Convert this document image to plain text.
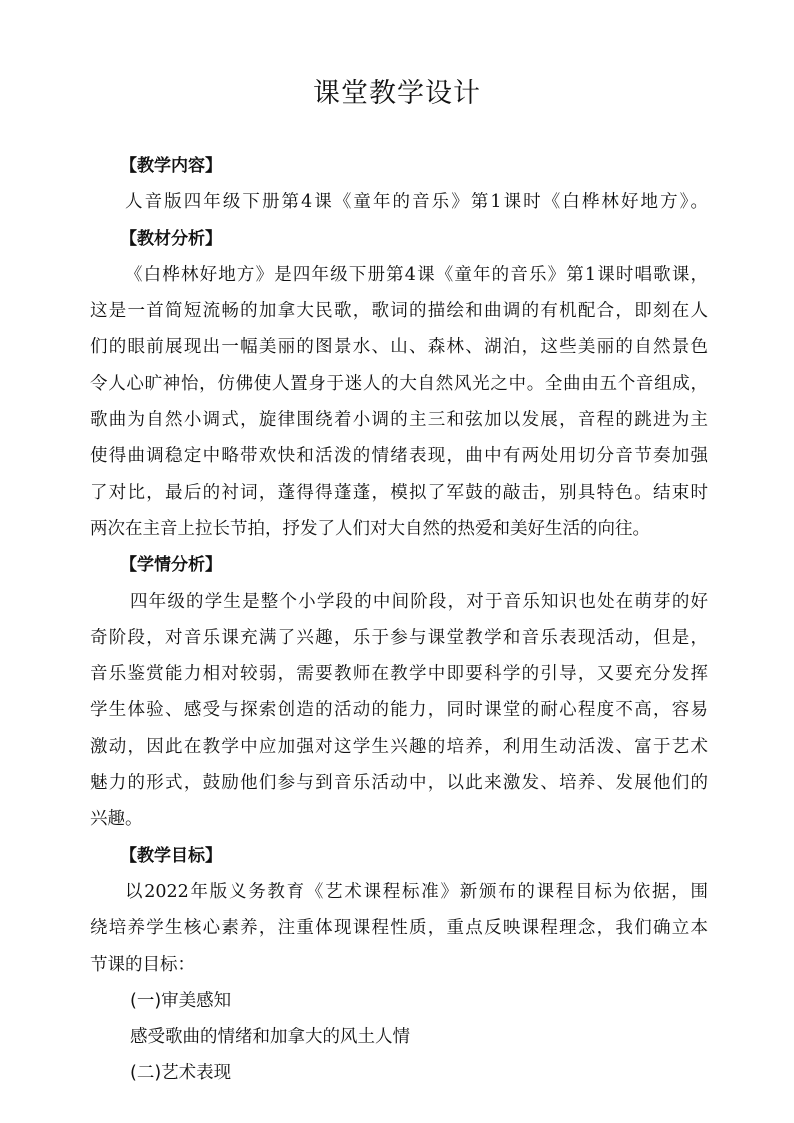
课堂教学设计

【教学内容】

人音版四年级下册第4课《童年的音乐》第1课时《白桦林好地方》。

【教材分析】

《白桦林好地方》是四年级下册第4课《童年的音乐》第1课时唱歌课，

这是一首简短流畅的加拿大民歌，歌词的描绘和曲调的有机配合，即刻在人

们的眼前展现出一幅美丽的图景水、山、森林、湖泊，这些美丽的自然景色

令人心旷神怡，仿佛使人置身于迷人的大自然风光之中。全曲由五个音组成，

歌曲为自然小调式，旋律围绕着小调的主三和弦加以发展，音程的跳进为主

使得曲调稳定中略带欢快和活泼的情绪表现，曲中有两处用切分音节奏加强

了对比，最后的衬词，蓬得得蓬蓬，模拟了军鼓的敲击，别具特色。结束时

两次在主音上拉长节拍，抒发了人们对大自然的热爱和美好生活的向往。

【学情分析】

四年级的学生是整个小学段的中间阶段，对于音乐知识也处在萌芽的好

奇阶段，对音乐课充满了兴趣，乐于参与课堂教学和音乐表现活动，但是，

音乐鉴赏能力相对较弱，需要教师在教学中即要科学的引导，又要充分发挥

学生体验、感受与探索创造的活动的能力，同时课堂的耐心程度不高，容易

激动，因此在教学中应加强对这学生兴趣的培养，利用生动活泼、富于艺术

魅力的形式，鼓励他们参与到音乐活动中，以此来激发、培养、发展他们的

兴趣。

【教学目标】

以2022年版义务教育《艺术课程标准》新颁布的课程目标为依据，围

绕培养学生核心素养，注重体现课程性质，重点反映课程理念，我们确立本

节课的目标：

(一)审美感知

感受歌曲的情绪和加拿大的风土人情

(二)艺术表现
